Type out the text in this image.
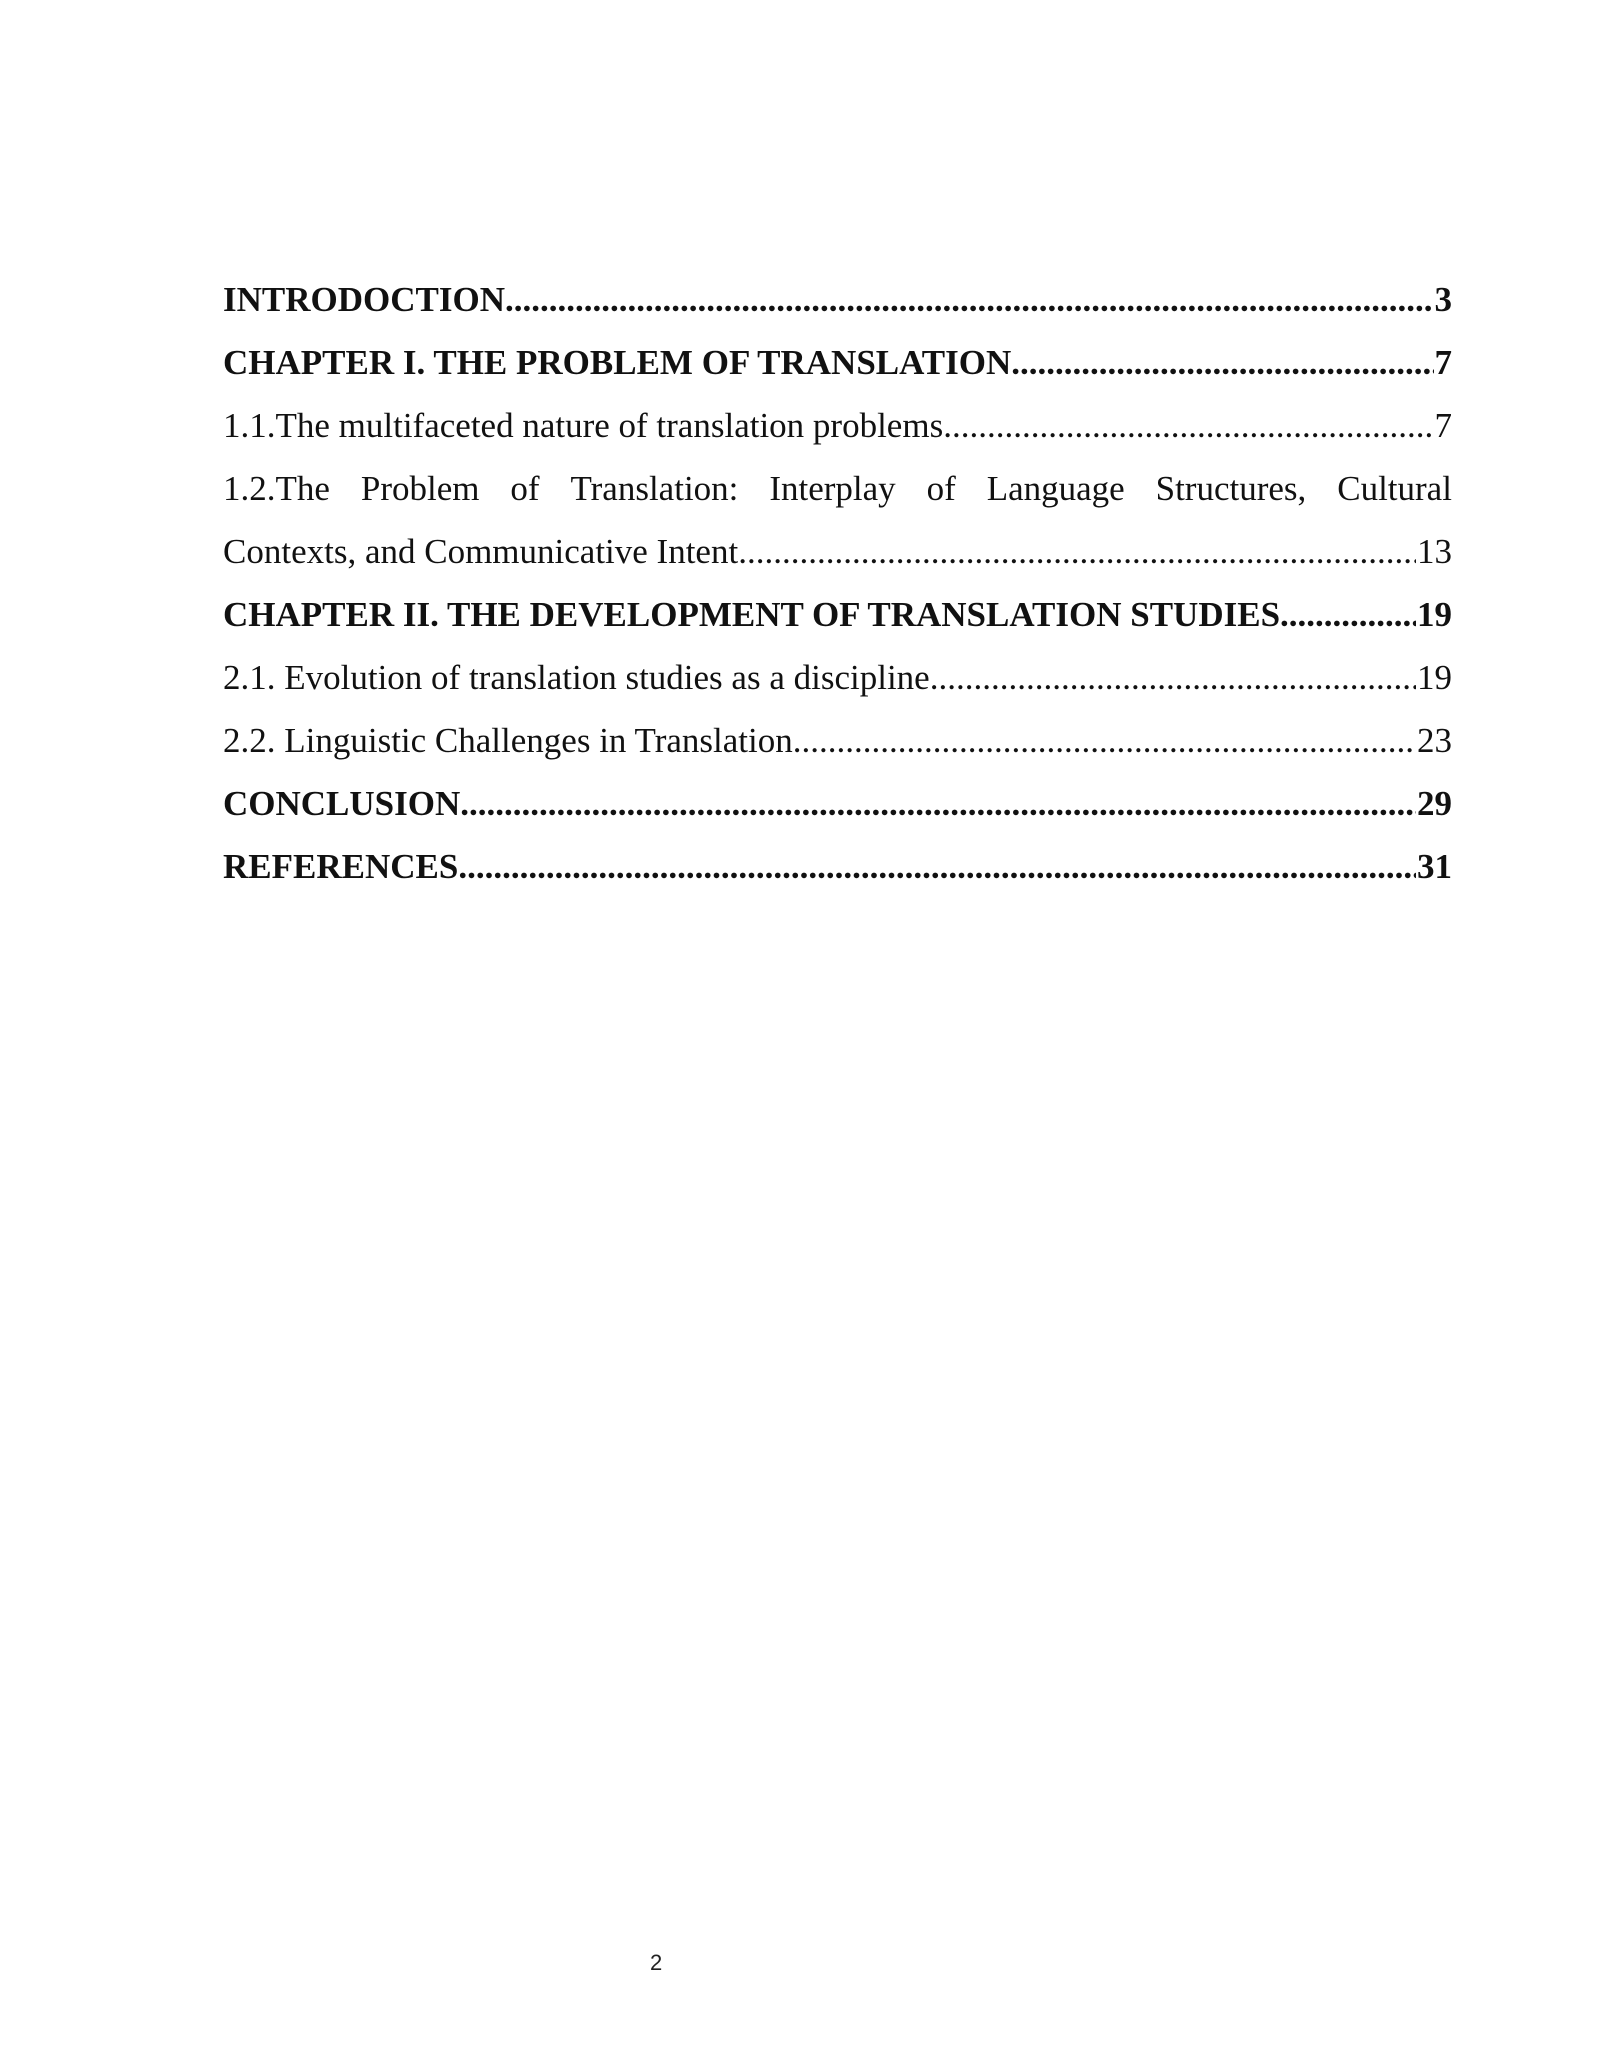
INTRODOCTION .....	3
CHAPTER I. THE PROBLEM OF TRANSLATION .....	7
1.1.The multifaceted nature of translation problems .....	7
1.2.The Problem of Translation: Interplay of Language Structures, Cultural
Contexts, and Communicative Intent .....	13
CHAPTER II. THE DEVELOPMENT OF TRANSLATION STUDIES .....	19
2.1. Evolution of translation studies as a discipline .....	19
2.2. Linguistic Challenges in Translation .....	23
CONCLUSION .....	29
REFERENCES .....	31
2
